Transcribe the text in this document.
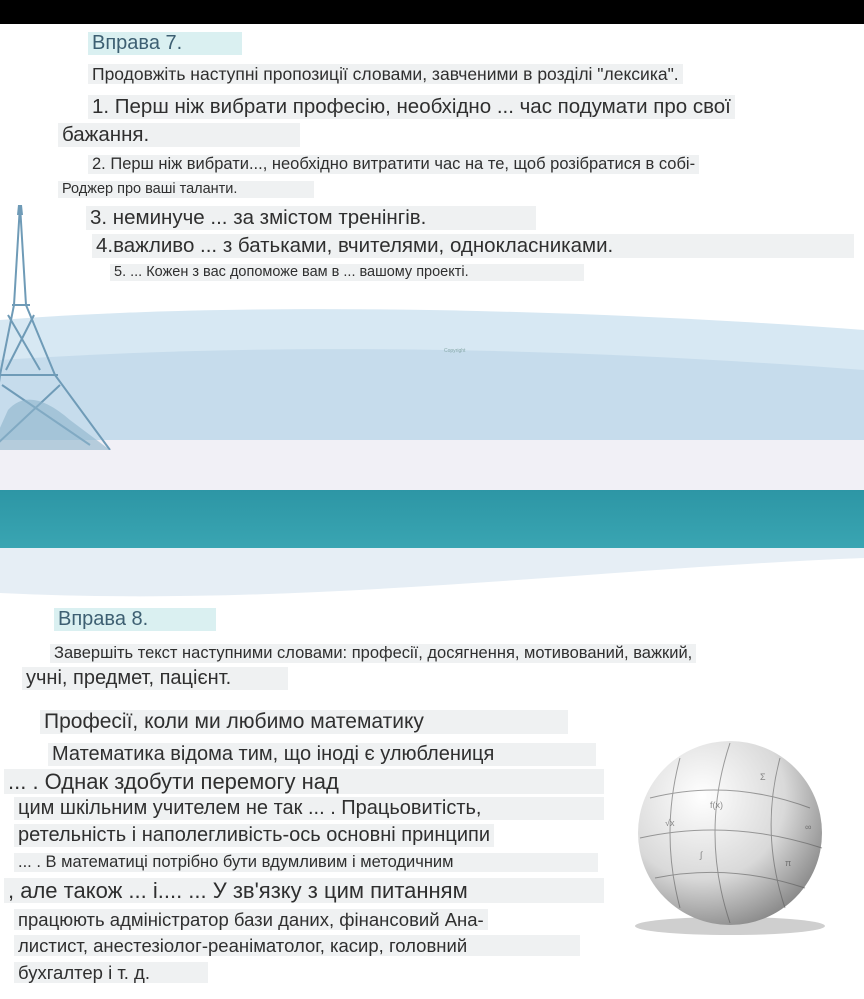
Вправа 7.
Продовжіть наступні пропозиції словами, завченими в розділі "лексика".
1. Перш ніж вибрати професію, необхідно ... час подумати про свої
бажання.
2. Перш ніж вибрати..., необхідно витратити час на те, щоб розібратися в собі-
Роджер про ваші таланти.
3. неминуче ... за змістом тренінгів.
4.важливо ... з батьками, вчителями, однокласниками.
5. ... Кожен з вас допоможе вам в ... вашому проекті.
Copyright
Вправа 8.
Завершіть текст наступними словами: професії, досягнення, мотивований, важкий,
учні, предмет, пацієнт.
Професії, коли ми любимо математику
Математика відома тим, що іноді є улюблениця
... . Однак здобути перемогу над
цим шкільним учителем не так ... . Працьовитість,
ретельність і наполегливість-ось основні принципи
... . В математиці потрібно бути вдумливим і методичним
, але також ... і.... ... У зв'язку з цим питанням
працюють адміністратор бази даних, фінансовий Ана-
листист, анестезіолог-реаніматолог, касир, головний
бухгалтер і т. д.
Σ
∞
π
√x
f(x)
∫
